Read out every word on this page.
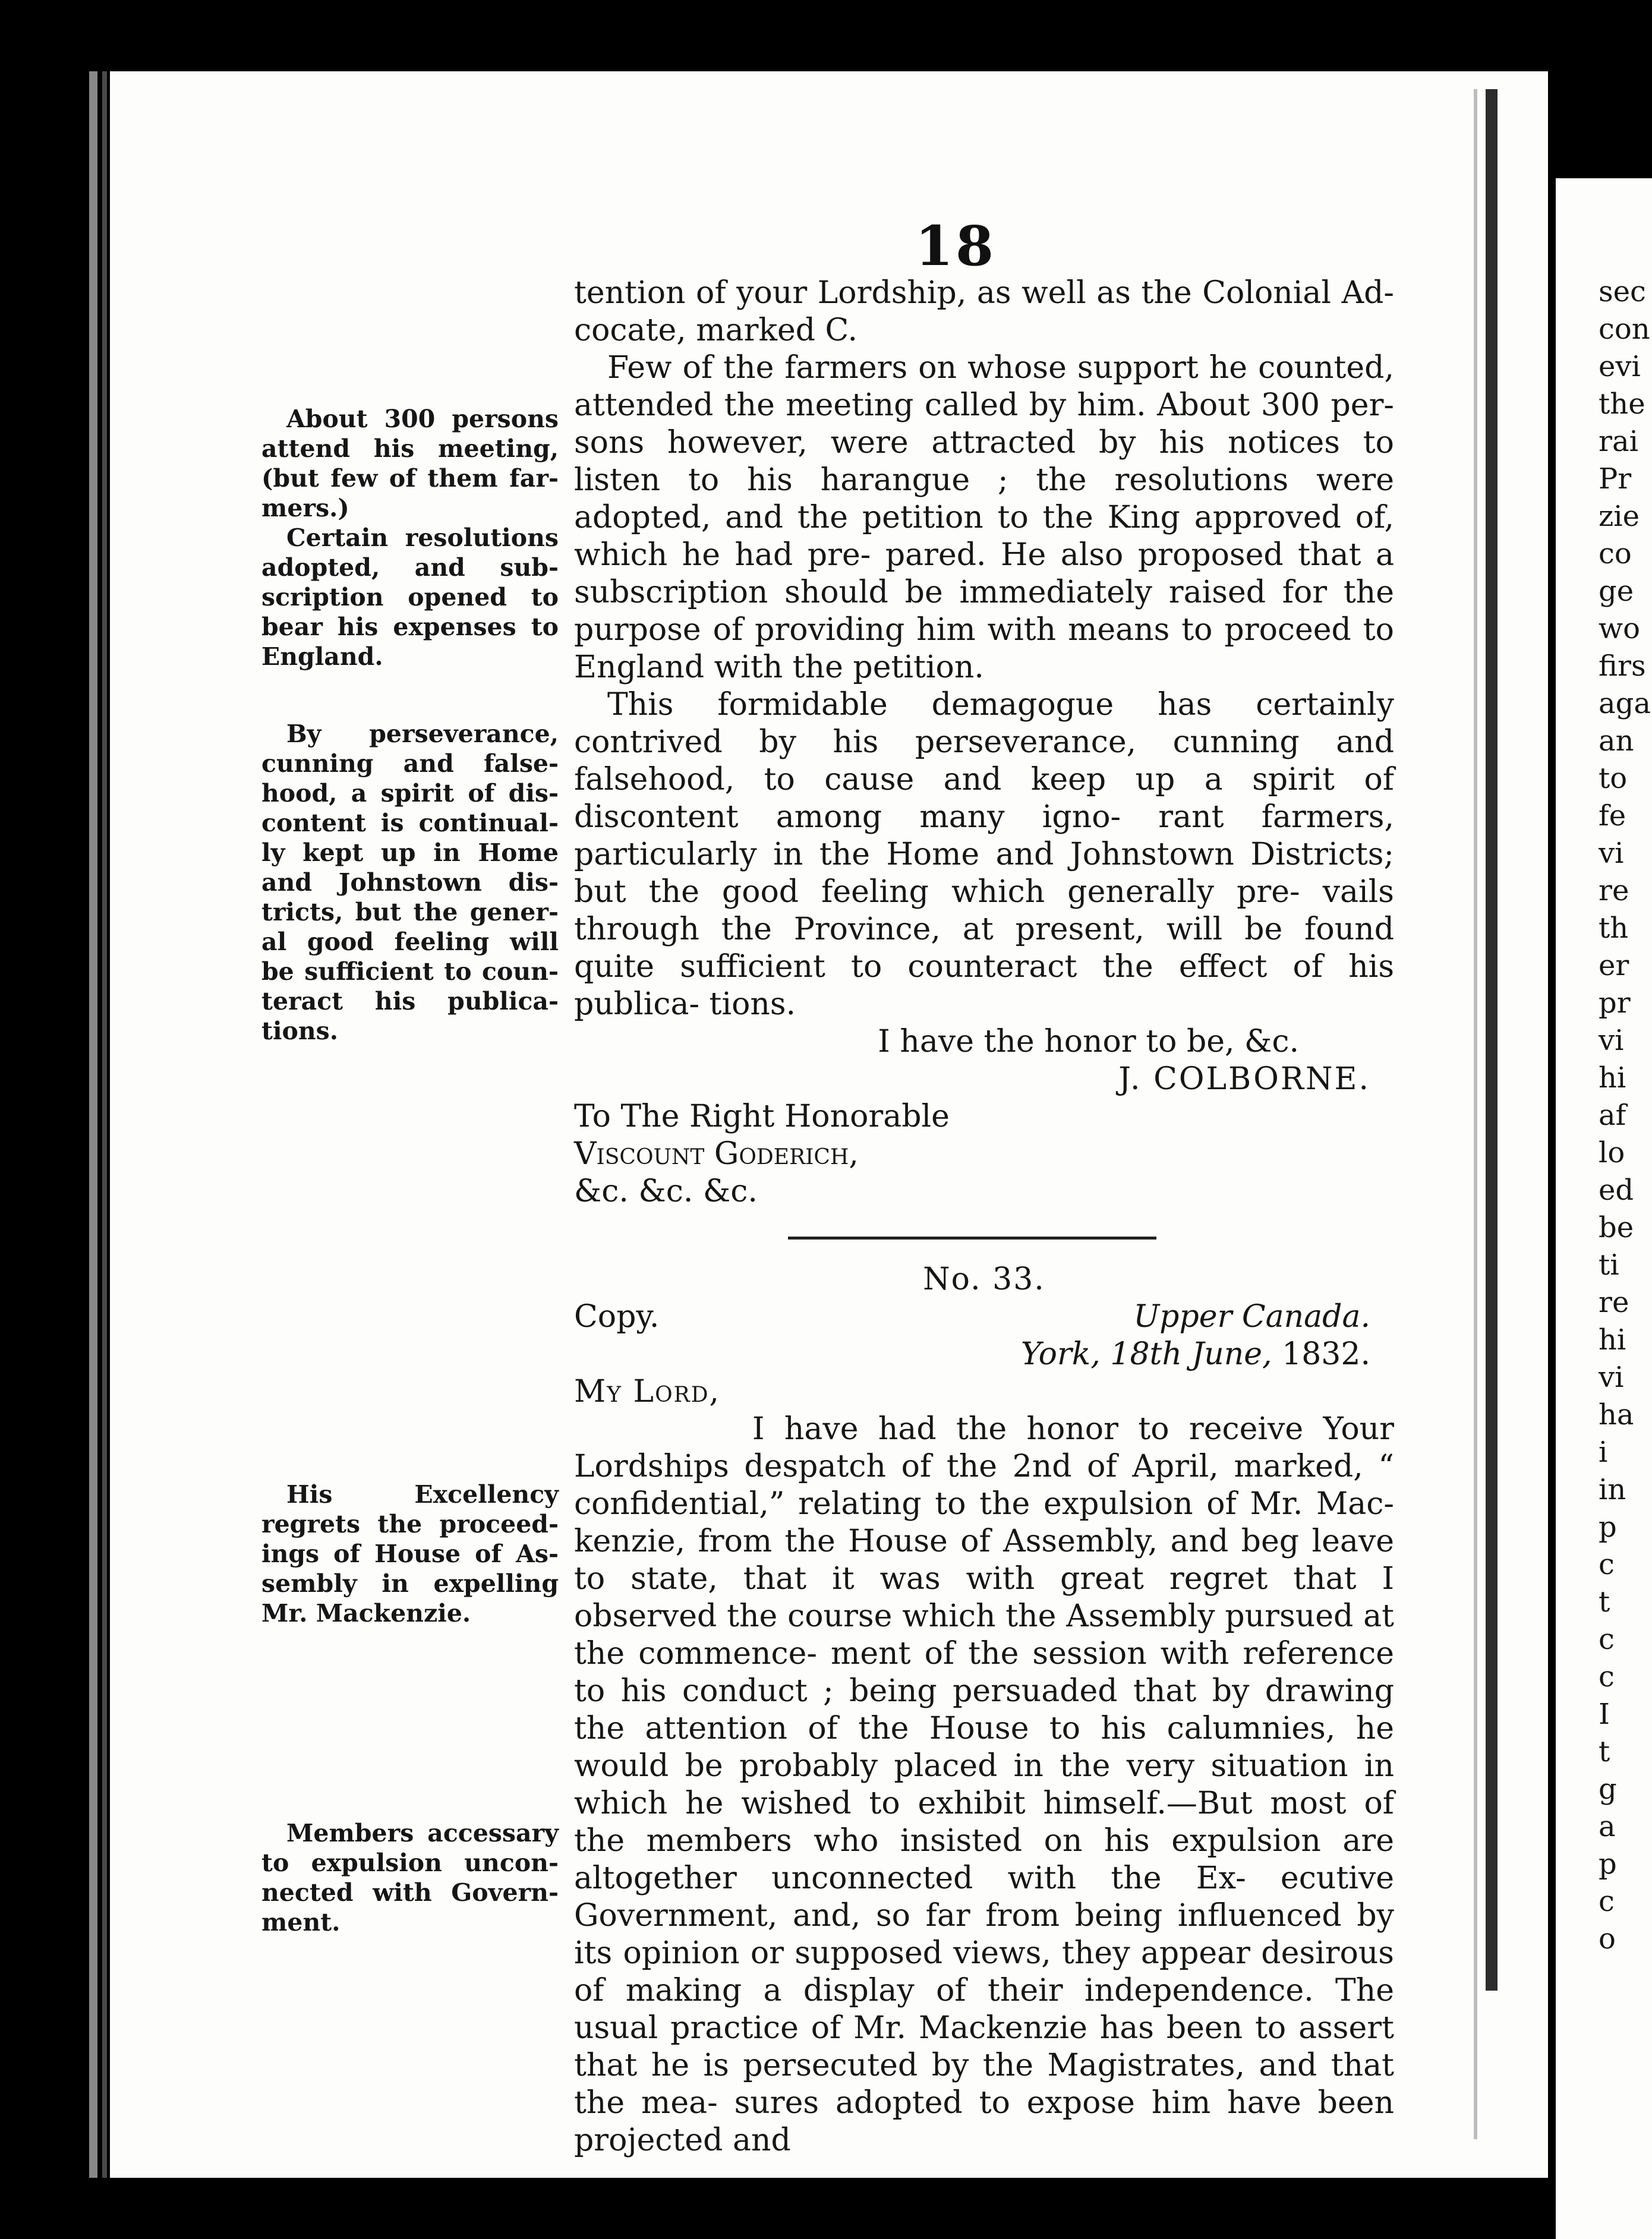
18

About 300 persons attend his meeting, (but few of them far- mers.)

Certain resolutions adopted, and sub- scription opened to bear his expenses to England.

By perseverance, cunning and false- hood, a spirit of dis- content is continual- ly kept up in Home and Johnstown dis- tricts, but the gener- al good feeling will be sufficient to coun- teract his publica- tions.

His Excellency regrets the proceed- ings of House of As- sembly in expelling Mr. Mackenzie.

Members accessary to expulsion uncon- nected with Govern- ment.

tention of your Lordship, as well as the Colonial Ad- cocate, marked C.

Few of the farmers on whose support he counted, attended the meeting called by him. About 300 per- sons however, were attracted by his notices to listen to his harangue ; the resolutions were adopted, and the petition to the King approved of, which he had pre- pared. He also proposed that a subscription should be immediately raised for the purpose of providing him with means to proceed to England with the petition.

This formidable demagogue has certainly contrived by his perseverance, cunning and falsehood, to cause and keep up a spirit of discontent among many igno- rant farmers, particularly in the Home and Johnstown Districts; but the good feeling which generally pre- vails through the Province, at present, will be found quite sufficient to counteract the effect of his publica- tions.

I have the honor to be, &c.

J. COLBORNE.

To The Right Honorable

Viscount Goderich,

&c. &c. &c.

No. 33.

Copy.	Upper Canada.

York, 18th June, 1832.

My Lord,

I have had the honor to receive Your Lordships despatch of the 2nd of April, marked, “ confidential,” relating to the expulsion of Mr. Mac- kenzie, from the House of Assembly, and beg leave to state, that it was with great regret that I observed the course which the Assembly pursued at the commence- ment of the session with reference to his conduct ; being persuaded that by drawing the attention of the House to his calumnies, he would be probably placed in the very situation in which he wished to exhibit himself.—But most of the members who insisted on his expulsion are altogether unconnected with the Ex- ecutive Government, and, so far from being influenced by its opinion or supposed views, they appear desirous of making a display of their independence. The usual practice of Mr. Mackenzie has been to assert that he is persecuted by the Magistrates, and that the mea- sures adopted to expose him have been projected and

sec
con
evi
the
rai
Pr
zie
co
ge
wo
firs
aga
an
to
fe
vi
re
th
er
pr
vi
hi
af
lo
ed
be
ti
re
hi
vi
ha
i
in
p
c
t
c
c
I
t
g
a
p
c
o
